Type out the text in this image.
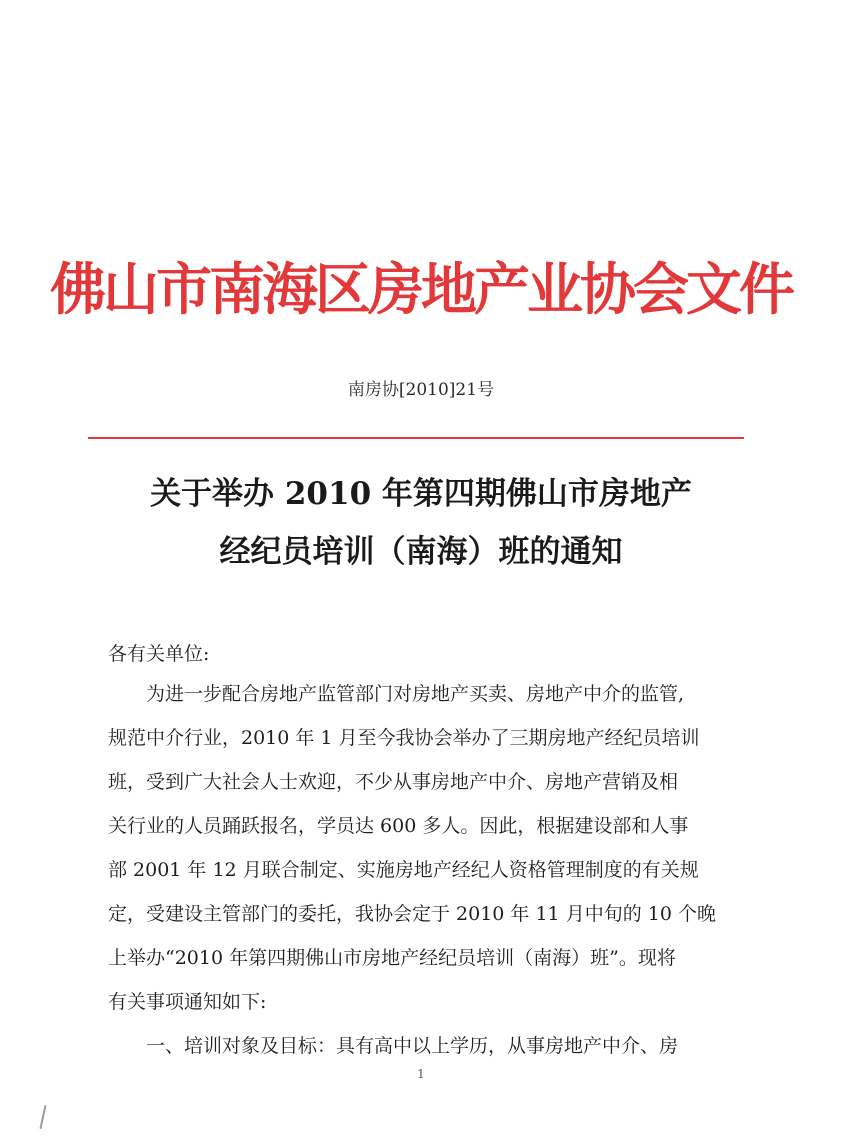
佛山市南海区房地产业协会文件
南房协[2010]21号
关于举办 2010 年第四期佛山市房地产
经纪员培训（南海）班的通知
各有关单位:
为进一步配合房地产监管部门对房地产买卖、房地产中介的监管,
规范中介行业，2010 年 1 月至今我协会举办了三期房地产经纪员培训
班，受到广大社会人士欢迎，不少从事房地产中介、房地产营销及相
关行业的人员踊跃报名，学员达 600 多人。因此，根据建设部和人事
部 2001 年 12 月联合制定、实施房地产经纪人资格管理制度的有关规
定，受建设主管部门的委托，我协会定于 2010 年 11 月中旬的 10 个晚
上举办“2010 年第四期佛山市房地产经纪员培训（南海）班”。现将
有关事项通知如下:
一、培训对象及目标：具有高中以上学历，从事房地产中介、房
1
